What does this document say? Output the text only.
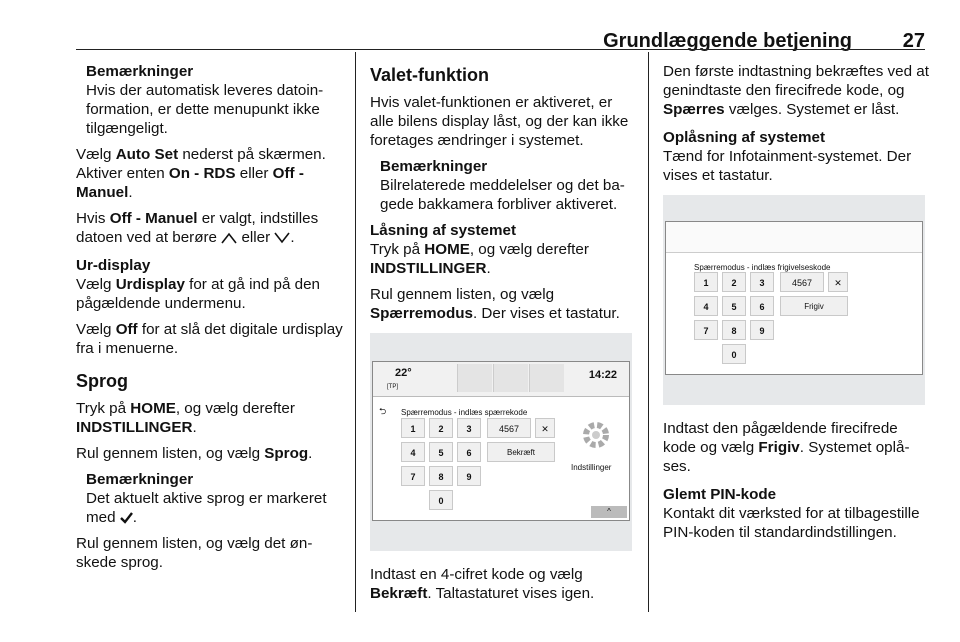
Grundlæggende betjening	27
Bemærkninger
Hvis der automatisk leveres datoinformation, er dette menupunkt ikke tilgængeligt.

Vælg Auto Set nederst på skærmen. Aktiver enten On - RDS eller Off - Manuel.

Hvis Off - Manuel er valgt, indstilles datoen ved at berøre  eller .

Ur-display

Vælg Urdisplay for at gå ind på den pågældende undermenu.

Vælg Off for at slå det digitale urdisplay fra i menuerne.

Sprog

Tryk på HOME, og vælg derefter INDSTILLINGER.

Rul gennem listen, og vælg Sprog.

Bemærkninger
Det aktuelt aktive sprog er markeret med .

Rul gennem listen, og vælg det ønskede sprog.

Valet-funktion

Hvis valet-funktionen er aktiveret, er alle bilens display låst, og der kan ikke foretages ændringer i systemet.

Bemærkninger
Bilrelaterede meddelelser og det bagede bakkamera forbliver aktiveret.
Låsning af systemet

Tryk på HOME, og vælg derefter INDSTILLINGER.

Rul gennem listen, og vælg Spærremodus. Der vises et tastatur.

22°
[TP]
14:22
⮌ Spærremodus - indlæs spærrekode
1	2	3
4	5	6
7	8	9
0
4567	✕
Bekræft
Indstillinger
^

Indtast en 4-cifret kode og vælg Bekræft. Taltastaturet vises igen.

Den første indtastning bekræftes ved at genindtaste den firecifrede kode, og Spærres vælges. Systemet er låst.

Oplåsning af systemet

Tænd for Infotainment-systemet. Der vises et tastatur.

Spærremodus - indlæs frigivelseskode
1	2	3
4	5	6
7	8	9
0
4567	✕
Frigiv

Indtast den pågældende firecifrede kode og vælg Frigiv. Systemet oplåses.

Glemt PIN-kode

Kontakt dit værksted for at tilbagestille PIN-koden til standardindstillingen.
